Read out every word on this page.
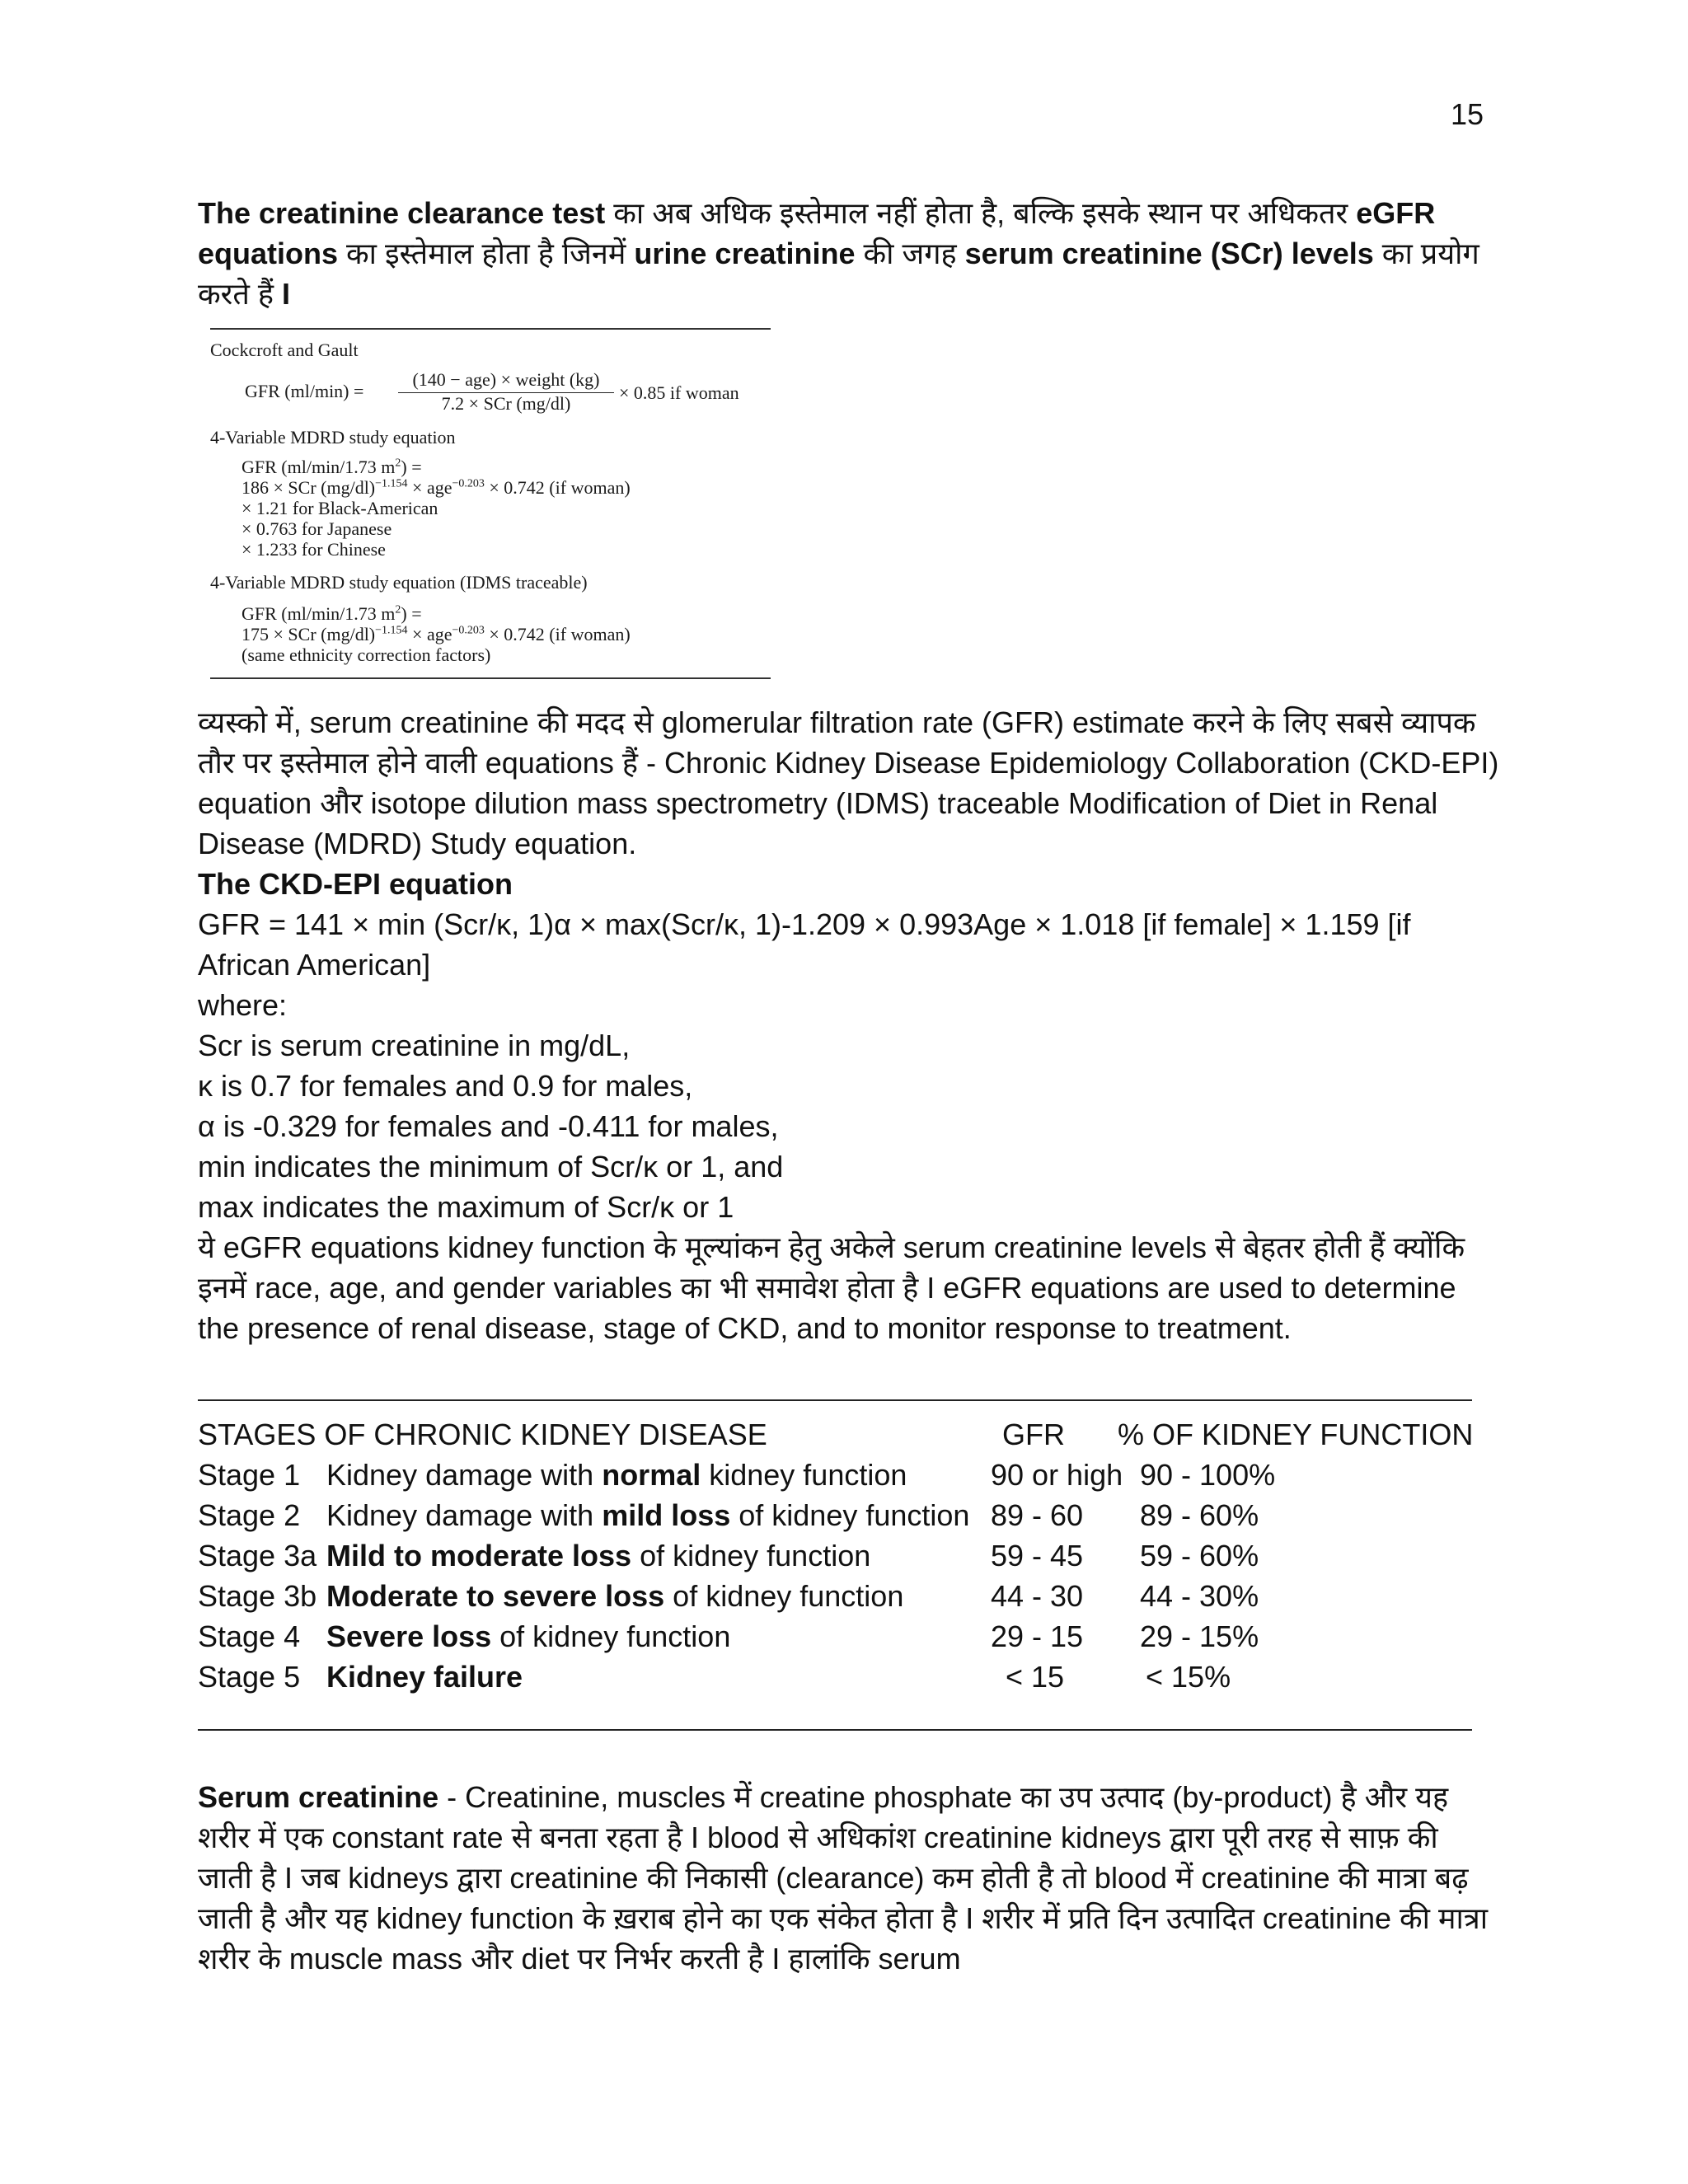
15
The creatinine clearance test का अब अधिक इस्तेमाल नहीं होता है, बल्कि इसके स्थान पर अधिकतर eGFR equations का इस्तेमाल होता है जिनमें urine creatinine की जगह serum creatinine (SCr) levels का प्रयोग करते हैं I
Cockcroft and Gault
GFR (ml/min) =
(140 − age) × weight (kg)
7.2 × SCr (mg/dl)
× 0.85 if woman
4-Variable MDRD study equation
GFR (ml/min/1.73 $m^2$) =
186 × SCr $(mg/dl)^{-1.154} \times age^{-0.203} \times 0.742$ (if woman)
× 1.21 for Black-American
× 0.763 for Japanese
× 1.233 for Chinese
4-Variable MDRD study equation (IDMS traceable)
GFR (ml/min/1.73 $m^2$) =
175 × SCr $(mg/dl)^{-1.154} \times age^{-0.203} \times 0.742$ (if woman)
(same ethnicity correction factors)

व्यस्को में, serum creatinine की मदद से glomerular filtration rate (GFR) estimate करने के लिए सबसे व्यापक तौर पर इस्तेमाल होने वाली equations हैं - Chronic Kidney Disease Epidemiology Collaboration (CKD-EPI) equation और isotope dilution mass spectrometry (IDMS) traceable Modification of Diet in Renal Disease (MDRD) Study equation.

The CKD-EPI equation

GFR = 141 × min (Scr/κ, 1)α × max(Scr/κ, 1)-1.209 × 0.993Age × 1.018 [if female] × 1.159 [if African American]

where:

Scr is serum creatinine in mg/dL,

κ is 0.7 for females and 0.9 for males,

α is -0.329 for females and -0.411 for males,

min indicates the minimum of Scr/κ or 1, and

max indicates the maximum of Scr/κ or 1

ये eGFR equations kidney function के मूल्यांकन हेतु अकेले serum creatinine levels से बेहतर होती हैं क्योंकि इनमें race, age, and gender variables का भी समावेश होता है I eGFR equations are used to determine the presence of renal disease, stage of CKD, and to monitor response to treatment.

STAGES OF CHRONIC KIDNEY DISEASE	GFR % OF KIDNEY FUNCTION
Stage 1 Kidney damage with normal kidney function	90 or high 90 - 100%
Stage 2 Kidney damage with mild loss of kidney function 89 - 60 89 - 60%
Stage 3a Mild to moderate loss of kidney function	59 - 45 59 - 60%
Stage 3b Moderate to severe loss of kidney function	44 - 30 44 - 30%
Stage 4 Severe loss of kidney function	29 - 15 29 - 15%
Stage 5 Kidney failure	< 15	< 15%
Serum creatinine - Creatinine, muscles में creatine phosphate का उप उत्पाद (by-product) है और यह शरीर में एक constant rate से बनता रहता है I blood से अधिकांश creatinine kidneys द्वारा पूरी तरह से साफ़ की जाती है I जब kidneys द्वारा creatinine की निकासी (clearance) कम होती है तो blood में creatinine की मात्रा बढ़ जाती है और यह kidney function के ख़राब होने का एक संकेत होता है I शरीर में प्रति दिन उत्पादित creatinine की मात्रा शरीर के muscle mass और diet पर निर्भर करती है I हालांकि serum
